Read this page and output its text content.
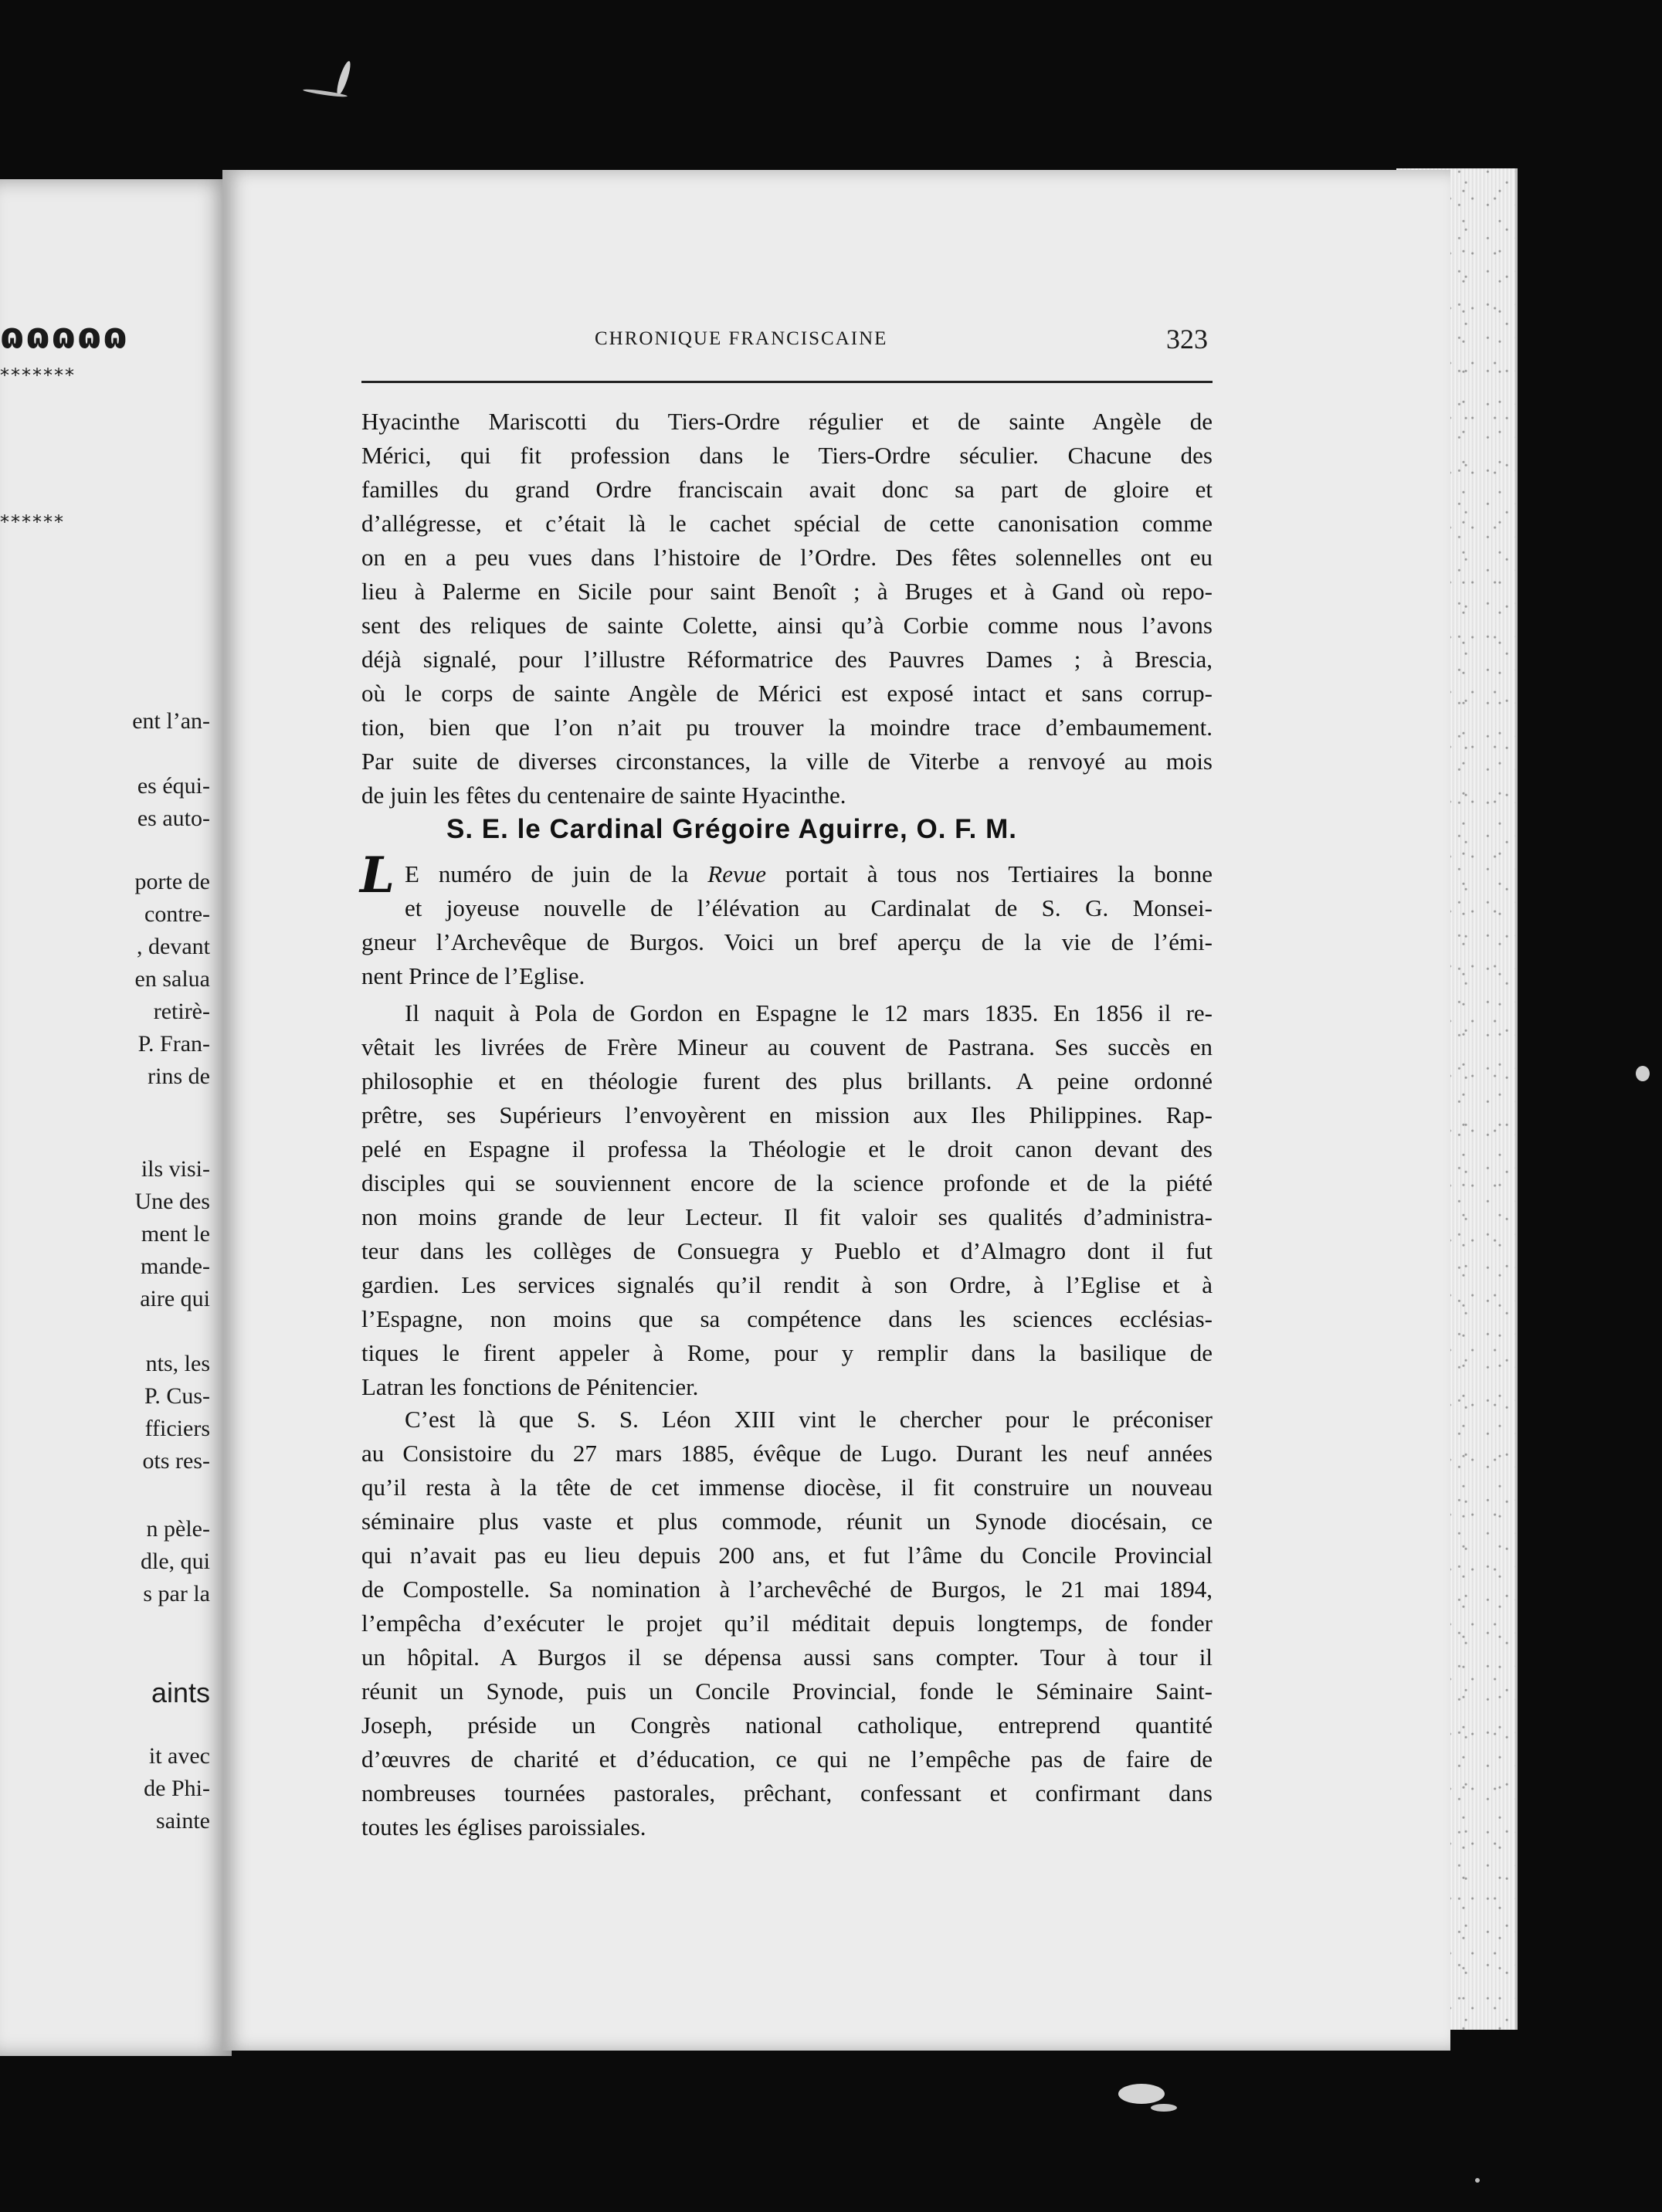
ɷɷɷɷɷ
*******
******
ent l’an-
es équi-
es auto-
porte de
contre-
, devant
en salua
retirè-
P. Fran-
rins de
ils visi-
Une des
ment le
mande-
aire qui
nts, les
P. Cus-
fficiers
ots res-
n pèle-
dle, qui
s par la
aints
it avec
de Phi-
sainte
CHRONIQUE FRANCISCAINE	323
Hyacinthe Mariscotti du Tiers-Ordre régulier et de sainte Angèle de
Mérici, qui fit profession dans le Tiers-Ordre séculier. Chacune des
familles du grand Ordre franciscain avait donc sa part de gloire et
d’allégresse, et c’était là le cachet spécial de cette canonisation comme
on en a peu vues dans l’histoire de l’Ordre. Des fêtes solennelles ont eu
lieu à Palerme en Sicile pour saint Benoît ; à Bruges et à Gand où repo-
sent des reliques de sainte Colette, ainsi qu’à Corbie comme nous l’avons
déjà signalé, pour l’illustre Réformatrice des Pauvres Dames ; à Brescia,
où le corps de sainte Angèle de Mérici est exposé intact et sans corrup-
tion, bien que l’on n’ait pu trouver la moindre trace d’embaumement.
Par suite de diverses circonstances, la ville de Viterbe a renvoyé au mois
de juin les fêtes du centenaire de sainte Hyacinthe.
S. E. le Cardinal Grégoire Aguirre, O. F. M.
L E numéro de juin de la Revue portait à tous nos Tertiaires la bonne
et joyeuse nouvelle de l’élévation au Cardinalat de S. G. Monsei-
gneur l’Archevêque de Burgos. Voici un bref aperçu de la vie de l’émi-
nent Prince de l’Eglise.
Il naquit à Pola de Gordon en Espagne le 12 mars 1835. En 1856 il re-
vêtait les livrées de Frère Mineur au couvent de Pastrana. Ses succès en
philosophie et en théologie furent des plus brillants. A peine ordonné
prêtre, ses Supérieurs l’envoyèrent en mission aux Iles Philippines. Rap-
pelé en Espagne il professa la Théologie et le droit canon devant des
disciples qui se souviennent encore de la science profonde et de la piété
non moins grande de leur Lecteur. Il fit valoir ses qualités d’administra-
teur dans les collèges de Consuegra y Pueblo et d’Almagro dont il fut
gardien. Les services signalés qu’il rendit à son Ordre, à l’Eglise et à
l’Espagne, non moins que sa compétence dans les sciences ecclésias-
tiques le firent appeler à Rome, pour y remplir dans la basilique de
Latran les fonctions de Pénitencier.
C’est là que S. S. Léon XIII vint le chercher pour le préconiser
au Consistoire du 27 mars 1885, évêque de Lugo. Durant les neuf années
qu’il resta à la tête de cet immense diocèse, il fit construire un nouveau
séminaire plus vaste et plus commode, réunit un Synode diocésain, ce
qui n’avait pas eu lieu depuis 200 ans, et fut l’âme du Concile Provincial
de Compostelle. Sa nomination à l’archevêché de Burgos, le 21 mai 1894,
l’empêcha d’exécuter le projet qu’il méditait depuis longtemps, de fonder
un hôpital. A Burgos il se dépensa aussi sans compter. Tour à tour il
réunit un Synode, puis un Concile Provincial, fonde le Séminaire Saint-
Joseph, préside un Congrès national catholique, entreprend quantité
d’œuvres de charité et d’éducation, ce qui ne l’empêche pas de faire de
nombreuses tournées pastorales, prêchant, confessant et confirmant dans
toutes les églises paroissiales.
